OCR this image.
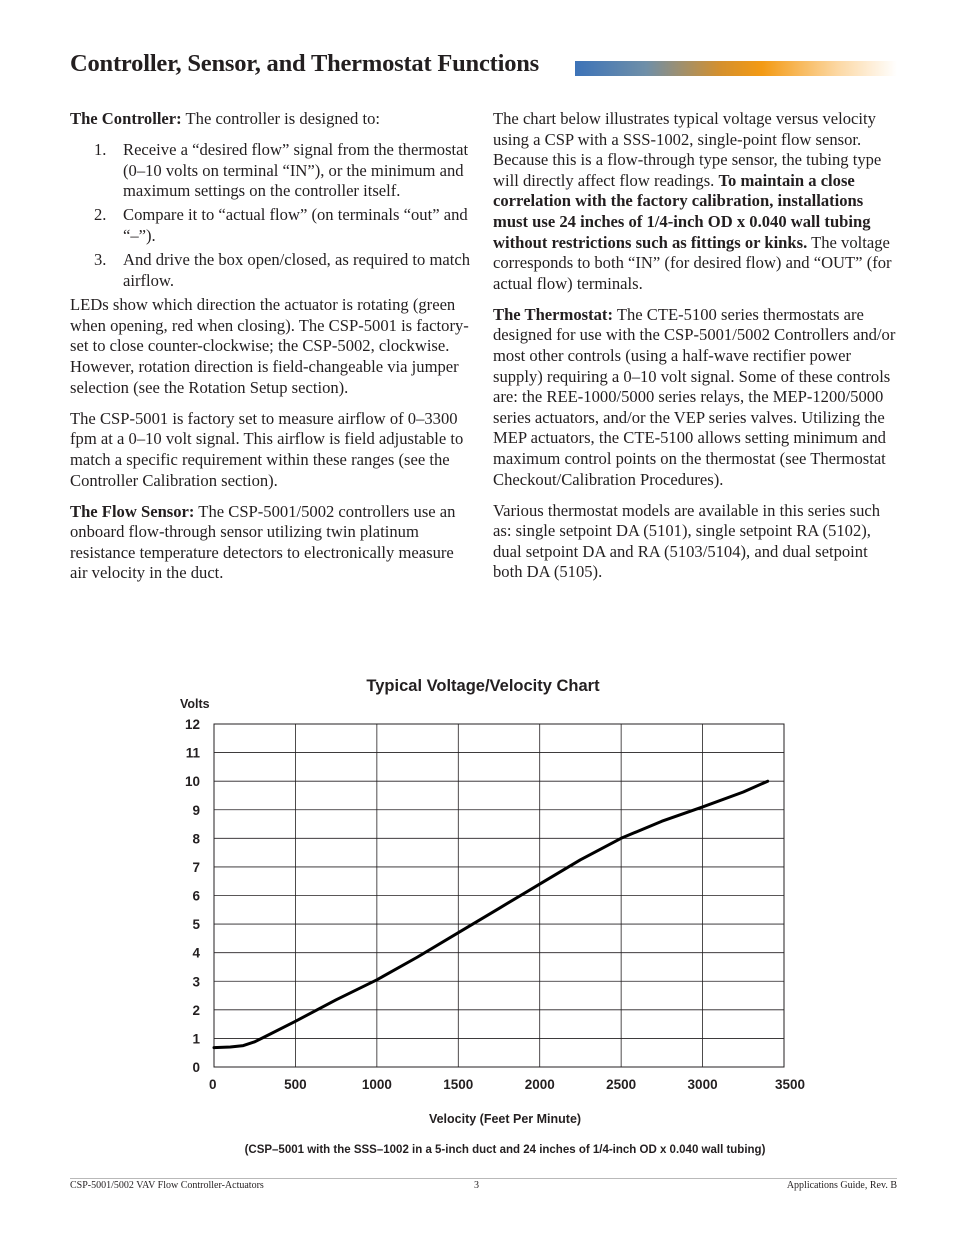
Controller, Sensor, and Thermostat Functions

The Controller: The controller is designed to:

1. Receive a “desired flow” signal from the thermostat (0–10 volts on terminal “IN”), or the minimum and maximum settings on the controller itself.
2. Compare it to “actual flow” (on terminals “out” and “–”).
3. And drive the box open/closed, as required to match airflow.

LEDs show which direction the actuator is rotating (green when opening, red when closing). The CSP-5001 is factory-set to close counter-clockwise; the CSP-5002, clockwise. However, rotation direction is field-changeable via jumper selection (see the Rotation Setup section).

The CSP-5001 is factory set to measure airflow of 0–3300 fpm at a 0–10 volt signal. This airflow is field adjustable to match a specific requirement within these ranges (see the Controller Calibration section).

The Flow Sensor: The CSP-5001/5002 controllers use an onboard flow-through sensor utilizing twin platinum resistance temperature detectors to electronically measure air velocity in the duct.

The chart below illustrates typical voltage versus velocity using a CSP with a SSS-1002, single-point flow sensor. Because this is a flow-through type sensor, the tubing type will directly affect flow readings. To maintain a close correlation with the factory calibration, installations must use 24 inches of 1/4-inch OD x 0.040 wall tubing without restrictions such as fittings or kinks. The voltage corresponds to both “IN” (for desired flow) and “OUT” (for actual flow) terminals.

The Thermostat: The CTE-5100 series thermostats are designed for use with the CSP-5001/5002 Controllers and/or most other controls (using a half-wave rectifier power supply) requiring a 0–10 volt signal. Some of these controls are: the REE-1000/5000 series relays, the MEP-1200/5000 series actuators, and/or the VEP series valves. Utilizing the MEP actuators, the CTE-5100 allows setting minimum and maximum control points on the thermostat (see Thermostat Checkout/Calibration Procedures).

Various thermostat models are available in this series such as: single setpoint DA (5101), single setpoint RA (5102), dual setpoint DA and RA (5103/5104), and dual setpoint both DA (5105).

Typical Voltage/Velocity Chart
Volts
0
1
2
3
4
5
6
7
8
9
10
11
12
0	500	1000	1500	2000	2500	3000	3500
Velocity (Feet Per Minute)
(CSP–5001 with the SSS–1002 in a 5-inch duct and 24 inches of 1/4-inch OD x 0.040 wall tubing)
CSP-5001/5002 VAV Flow Controller-Actuators	3	Applications Guide, Rev. B
